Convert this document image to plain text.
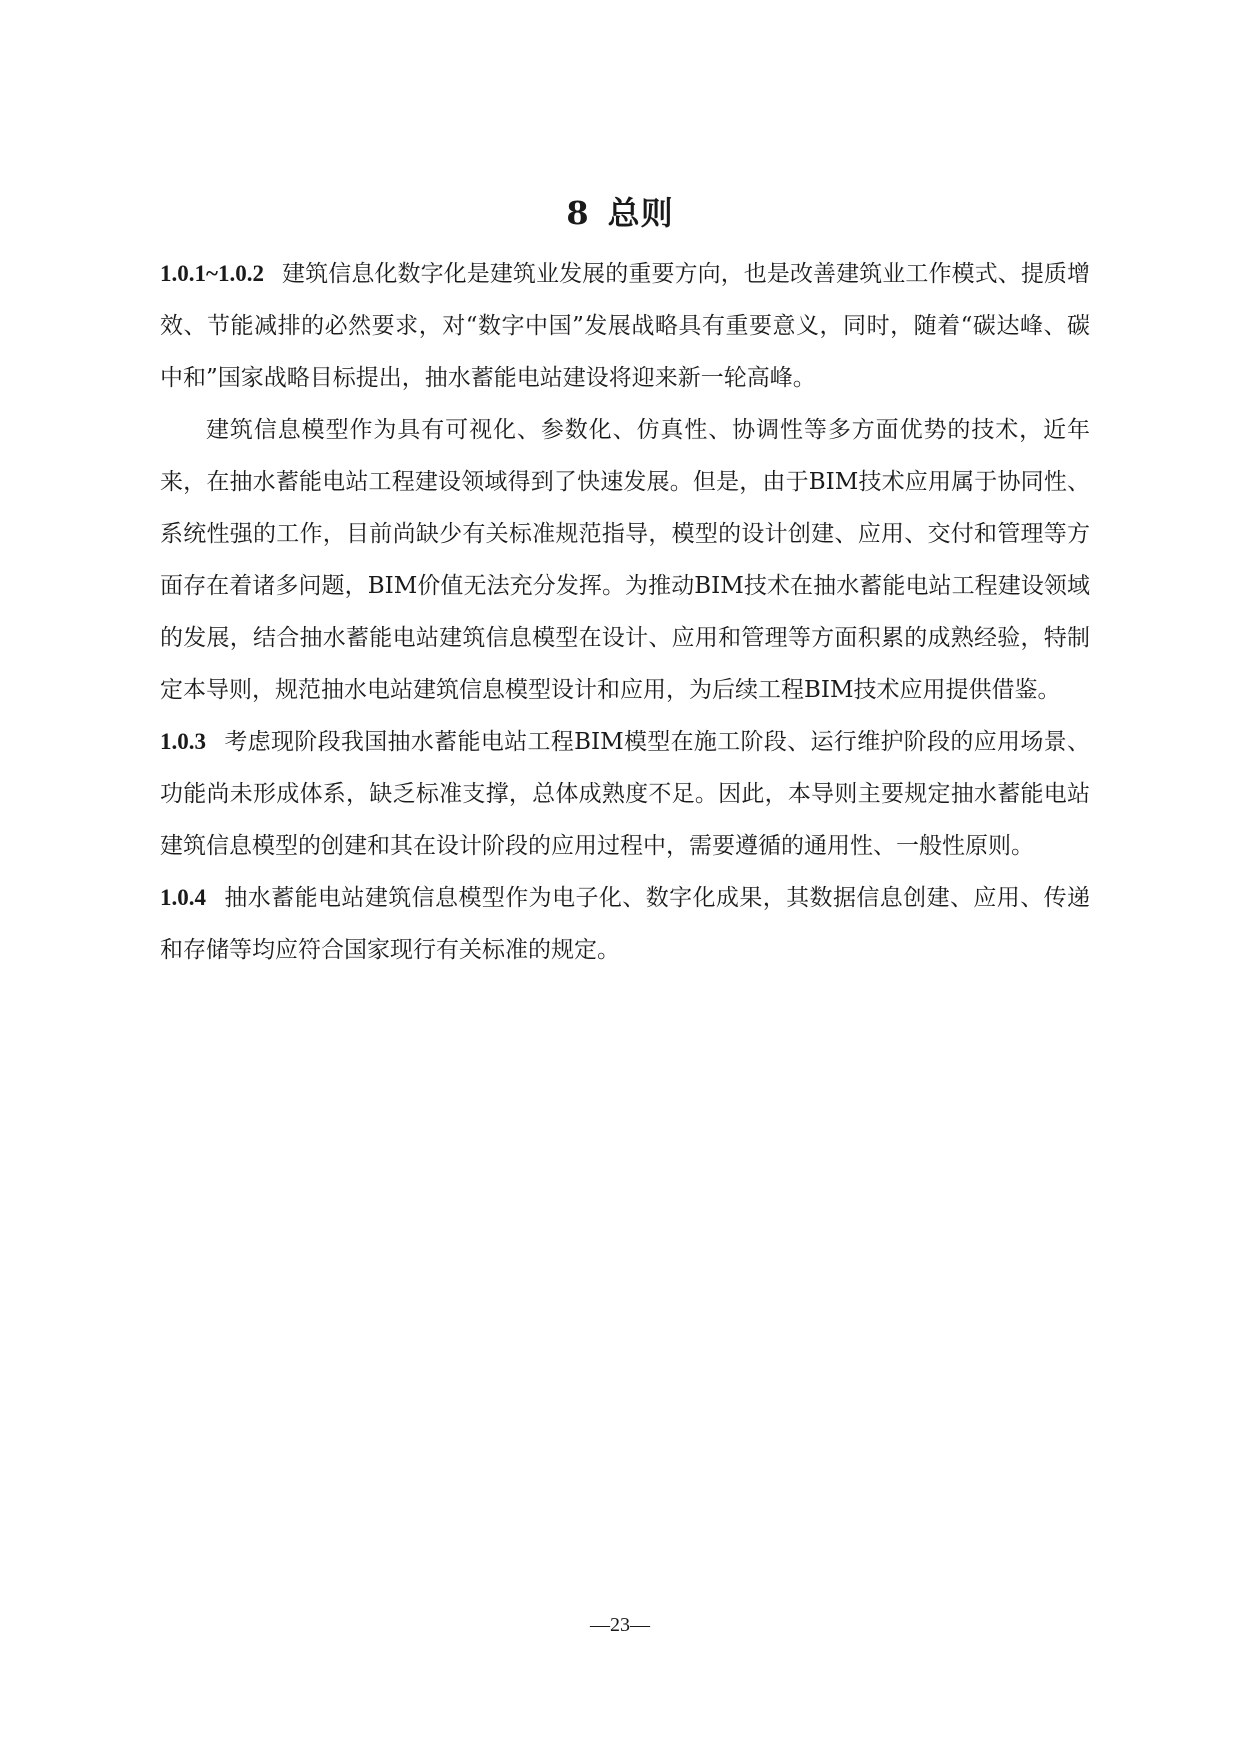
8 总则

1.0.1~1.0.2 建筑信息化数字化是建筑业发展的重要方向，也是改善建筑业工作模式、提质增效、节能减排的必然要求，对“数字中国”发展战略具有重要意义，同时，随着“碳达峰、碳中和”国家战略目标提出，抽水蓄能电站建设将迎来新一轮高峰。

建筑信息模型作为具有可视化、参数化、仿真性、协调性等多方面优势的技术，近年来，在抽水蓄能电站工程建设领域得到了快速发展。但是，由于BIM技术应用属于协同性、系统性强的工作，目前尚缺少有关标准规范指导，模型的设计创建、应用、交付和管理等方面存在着诸多问题，BIM价值无法充分发挥。为推动BIM技术在抽水蓄能电站工程建设领域的发展，结合抽水蓄能电站建筑信息模型在设计、应用和管理等方面积累的成熟经验，特制定本导则，规范抽水电站建筑信息模型设计和应用，为后续工程BIM技术应用提供借鉴。

1.0.3 考虑现阶段我国抽水蓄能电站工程BIM模型在施工阶段、运行维护阶段的应用场景、功能尚未形成体系，缺乏标准支撑，总体成熟度不足。因此，本导则主要规定抽水蓄能电站建筑信息模型的创建和其在设计阶段的应用过程中，需要遵循的通用性、一般性原则。

1.0.4 抽水蓄能电站建筑信息模型作为电子化、数字化成果，其数据信息创建、应用、传递和存储等均应符合国家现行有关标准的规定。

—23—
